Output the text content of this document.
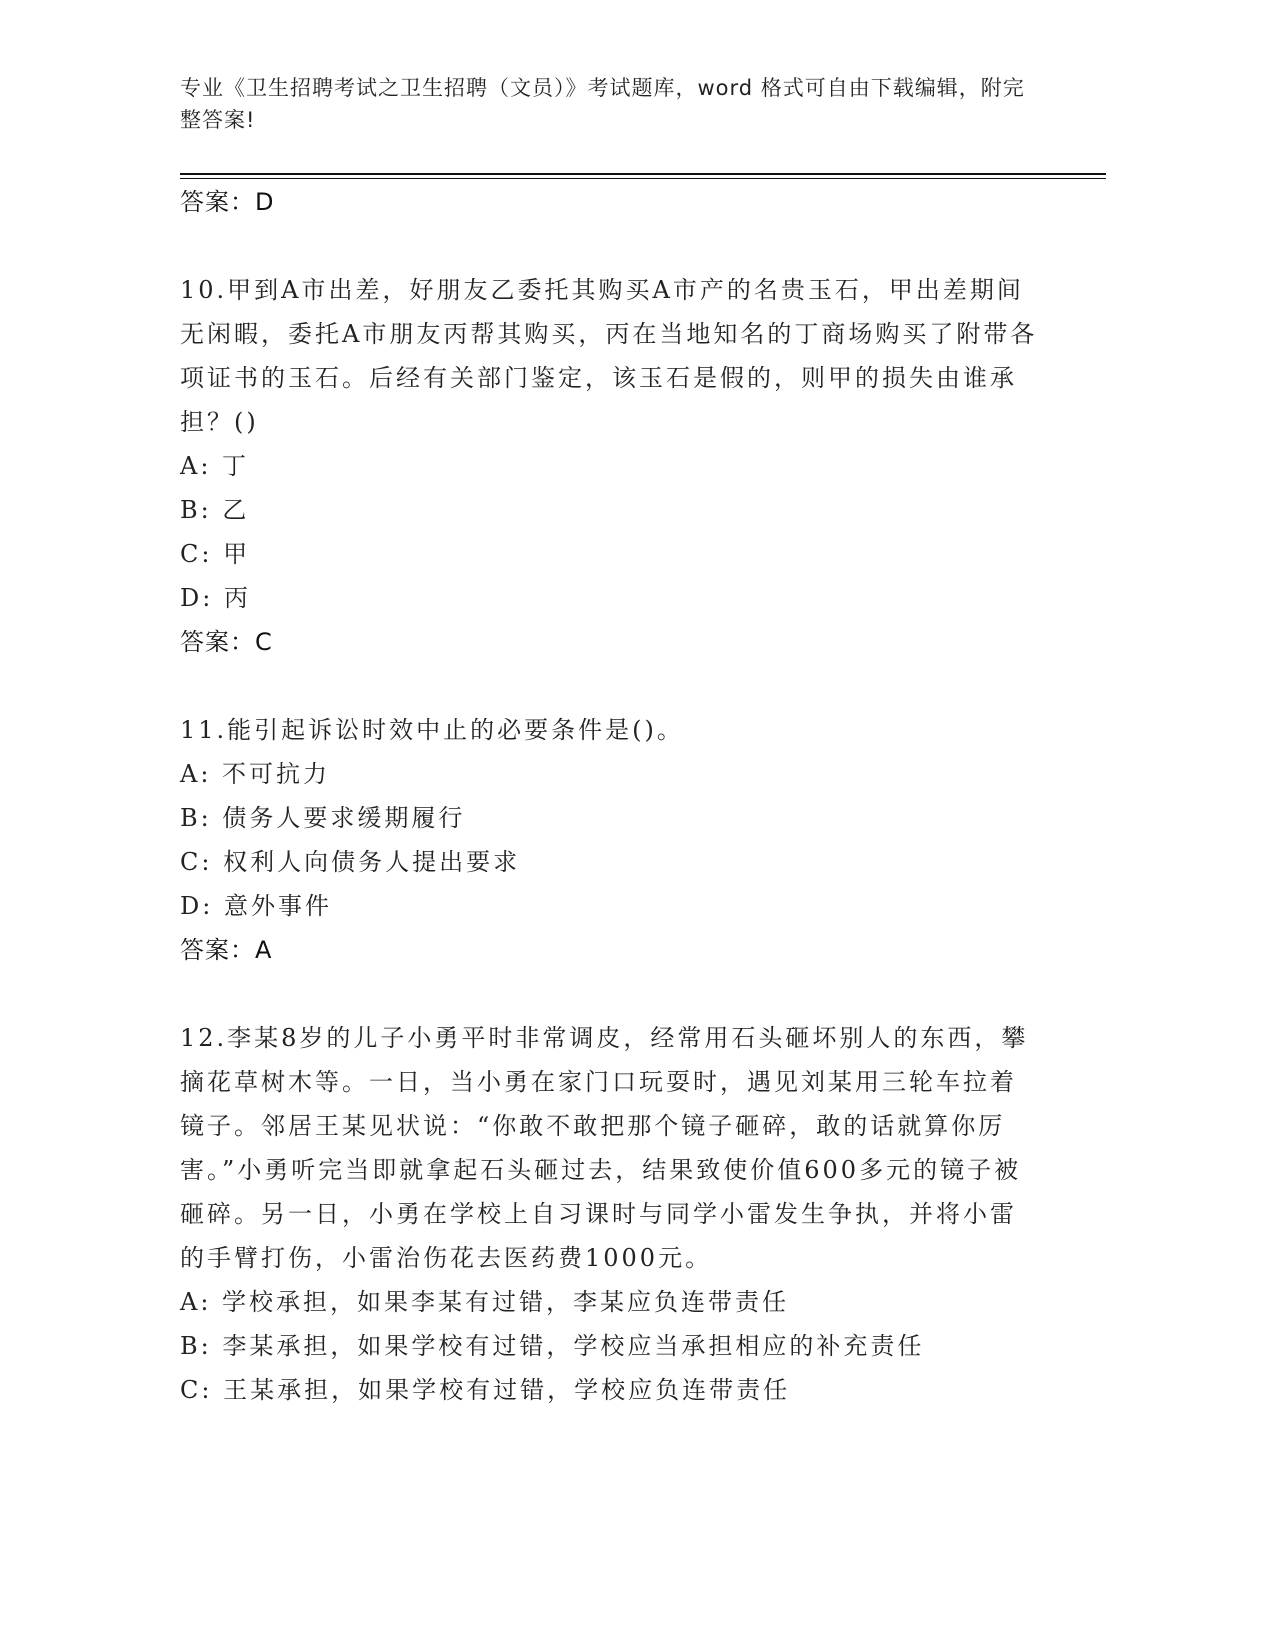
专业《卫生招聘考试之卫生招聘（文员）》考试题库，word 格式可自由下载编辑，附完整答案!
答案：D
10.甲到A市出差，好朋友乙委托其购买A市产的名贵玉石，甲出差期间无闲暇，委托A市朋友丙帮其购买，丙在当地知名的丁商场购买了附带各项证书的玉石。后经有关部门鉴定，该玉石是假的，则甲的损失由谁承担？()
A: 丁
B: 乙
C: 甲
D: 丙
答案：C
11.能引起诉讼时效中止的必要条件是()。
A: 不可抗力
B: 债务人要求缓期履行
C: 权利人向债务人提出要求
D: 意外事件
答案：A
12.李某8岁的儿子小勇平时非常调皮，经常用石头砸坏别人的东西，攀摘花草树木等。一日，当小勇在家门口玩耍时，遇见刘某用三轮车拉着镜子。邻居王某见状说：“你敢不敢把那个镜子砸碎，敢的话就算你厉害。”小勇听完当即就拿起石头砸过去，结果致使价值600多元的镜子被砸碎。另一日，小勇在学校上自习课时与同学小雷发生争执，并将小雷的手臂打伤，小雷治伤花去医药费1000元。
A: 学校承担，如果李某有过错，李某应负连带责任
B: 李某承担，如果学校有过错，学校应当承担相应的补充责任
C: 王某承担，如果学校有过错，学校应负连带责任
